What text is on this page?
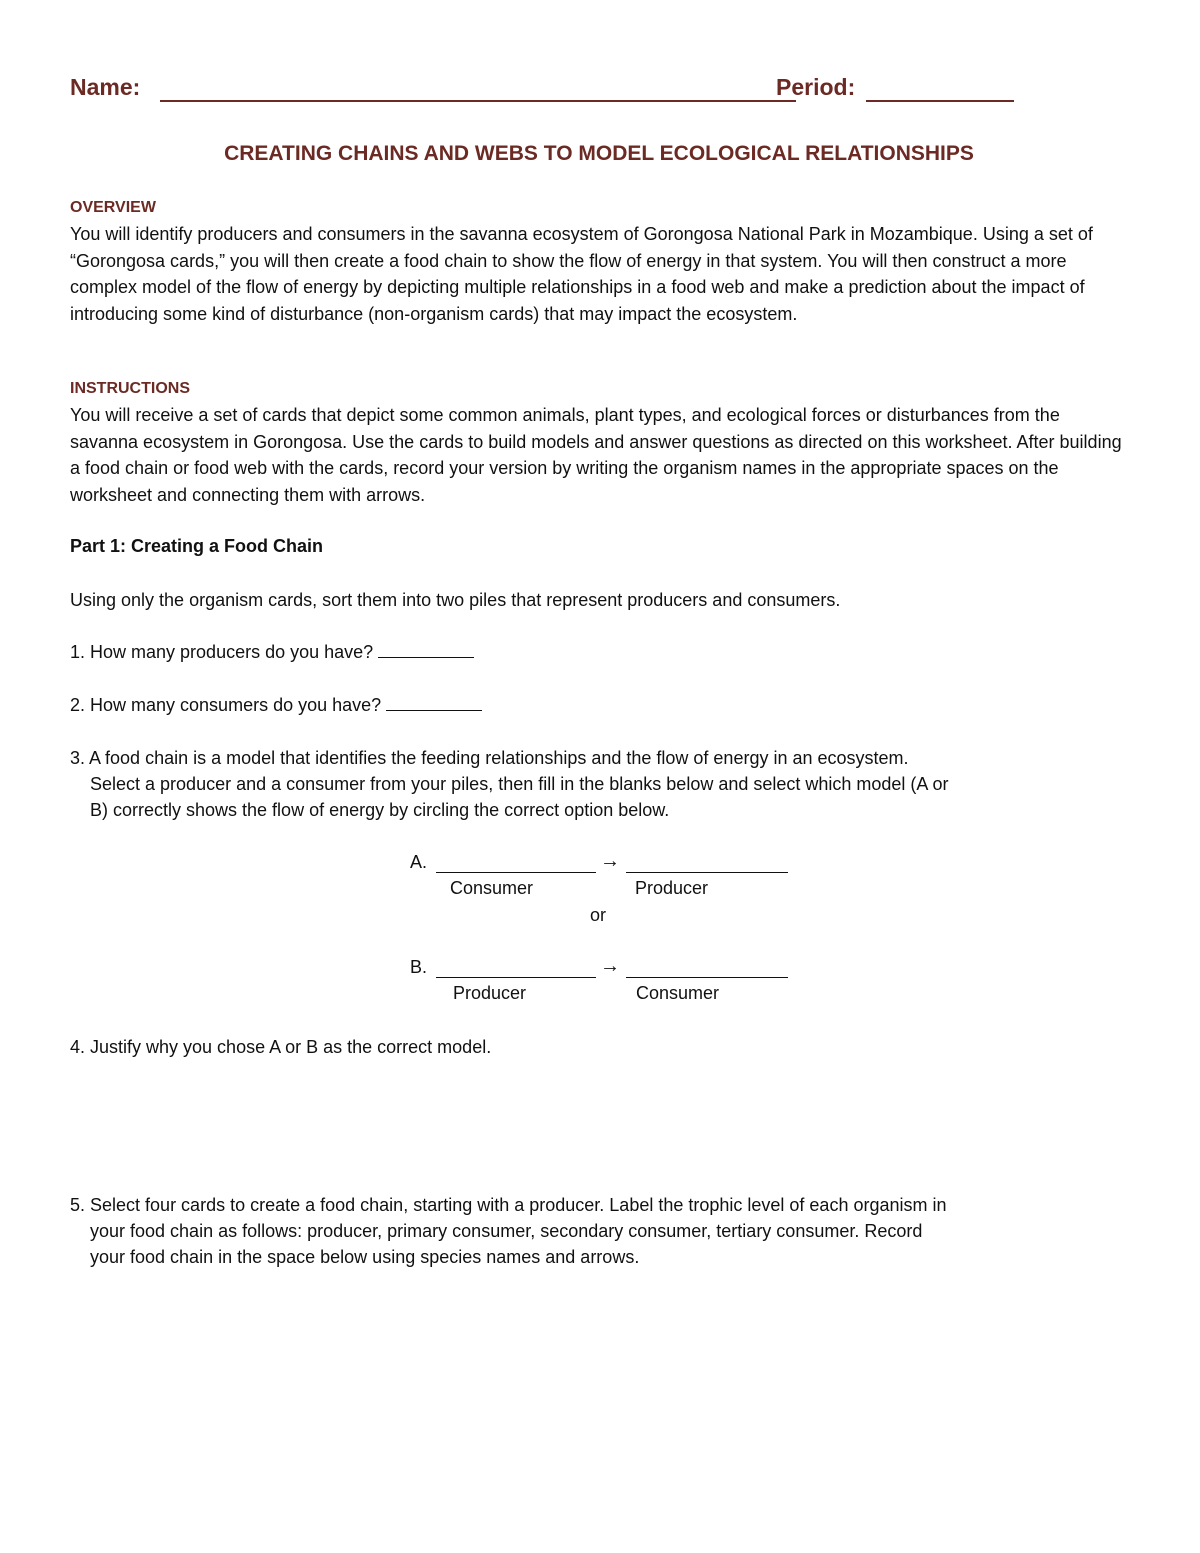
Name:	Period:
CREATING CHAINS AND WEBS TO MODEL ECOLOGICAL RELATIONSHIPS
OVERVIEW
You will identify producers and consumers in the savanna ecosystem of Gorongosa National Park in Mozambique. Using a set of “Gorongosa cards,” you will then create a food chain to show the flow of energy in that system. You will then construct a more complex model of the flow of energy by depicting multiple relationships in a food web and make a prediction about the impact of introducing some kind of disturbance (non-organism cards) that may impact the ecosystem.
INSTRUCTIONS
You will receive a set of cards that depict some common animals, plant types, and ecological forces or disturbances from the savanna ecosystem in Gorongosa. Use the cards to build models and answer questions as directed on this worksheet. After building a food chain or food web with the cards, record your version by writing the organism names in the appropriate spaces on the worksheet and connecting them with arrows.
Part 1: Creating a Food Chain
Using only the organism cards, sort them into two piles that represent producers and consumers.
1. How many producers do you have?
2. How many consumers do you have?
3. A food chain is a model that identifies the feeding relationships and the flow of energy in an ecosystem.
Select a producer and a consumer from your piles, then fill in the blanks below and select which model (A or
B) correctly shows the flow of energy by circling the correct option below.
A.	→
Consumer	Producer
or
B.	→
Producer	Consumer
4. Justify why you chose A or B as the correct model.
5. Select four cards to create a food chain, starting with a producer. Label the trophic level of each organism in
your food chain as follows: producer, primary consumer, secondary consumer, tertiary consumer. Record
your food chain in the space below using species names and arrows.
